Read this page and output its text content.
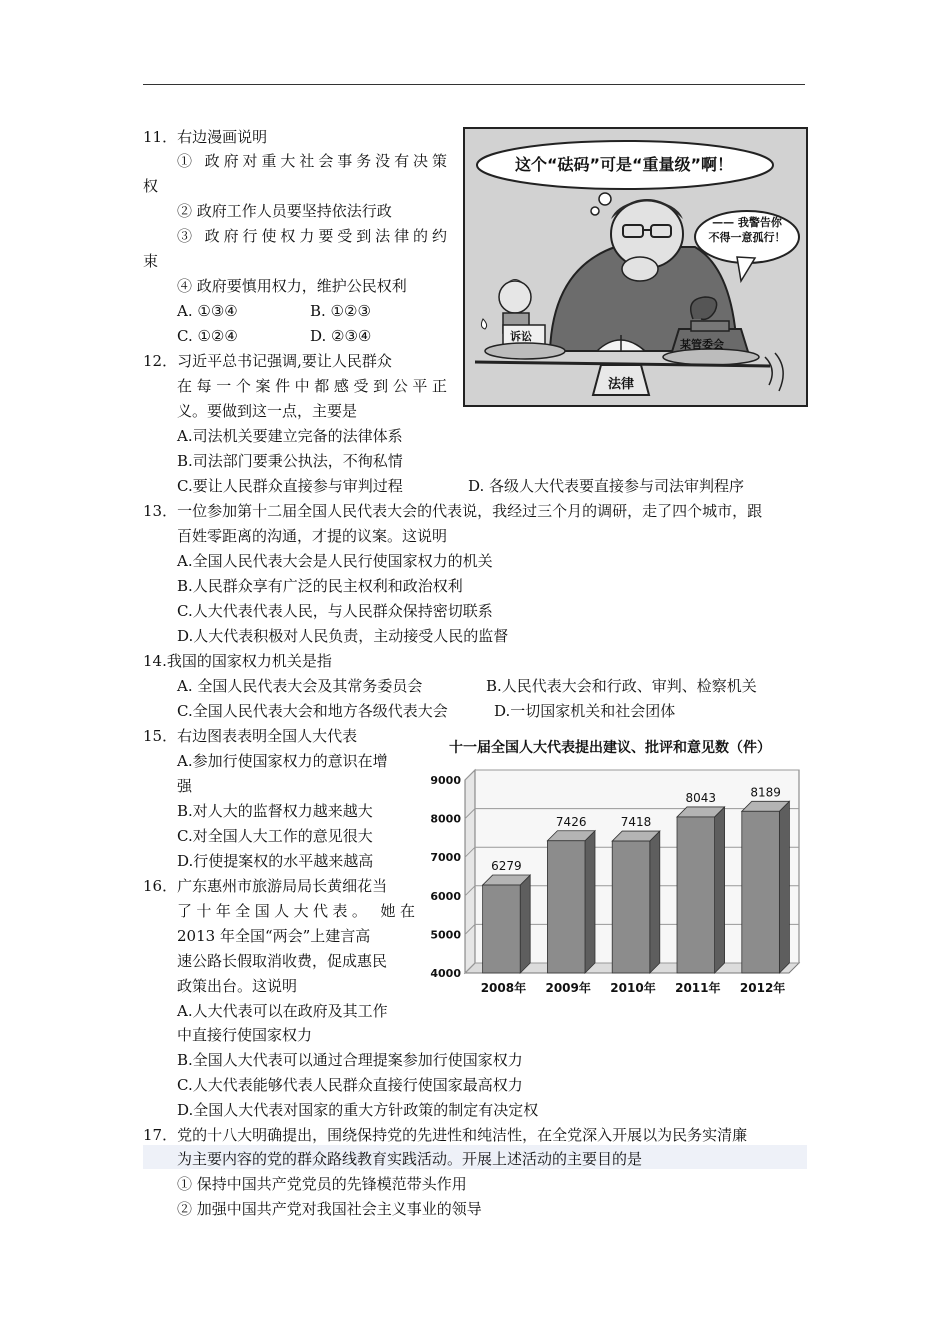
11．右边漫画说明
① 政府对重大社会事务没有决策
权
② 政府工作人员要坚持依法行政
③ 政府行使权力要受到法律的约
束
④ 政府要慎用权力，维护公民权利
A. ①③④	B. ①②③
C. ①②④	D. ②③④
这个“砝码”可是“重量级”啊！
—— 我警告你
不得一意孤行！
诉讼
某管委会
法律
12．习近平总书记强调,要让人民群众
在每一个案件中都感受到公平正
义。要做到这一点，主要是
A.司法机关要建立完备的法律体系
B.司法部门要秉公执法，不徇私情
C.要让人民群众直接参与审判过程	D. 各级人大代表要直接参与司法审判程序
13．一位参加第十二届全国人民代表大会的代表说，我经过三个月的调研，走了四个城市，跟
百姓零距离的沟通，才提的议案。这说明
A.全国人民代表大会是人民行使国家权力的机关
B.人民群众享有广泛的民主权利和政治权利
C.人大代表代表人民，与人民群众保持密切联系
D.人大代表积极对人民负责，主动接受人民的监督
14.我国的国家权力机关是指
A. 全国人民代表大会及其常务委员会	B.人民代表大会和行政、审判、检察机关
C.全国人民代表大会和地方各级代表大会	D.一切国家机关和社会团体
15．右边图表表明全国人大代表
A.参加行使国家权力的意识在增
强
B.对人大的监督权力越来越大
C.对全国人大工作的意见很大
D.行使提案权的水平越来越高
十一届全国人大代表提出建议、批评和意见数（件）
4000
5000
6000
7000
8000
9000
6279
2008年
7426
2009年
7418
2010年
8043
2011年
8189
2012年
16．广东惠州市旅游局局长黄细花当
了十年全国人大代表。 她在
2013 年全国“两会”上建言高
速公路长假取消收费，促成惠民
政策出台。这说明
A.人大代表可以在政府及其工作
中直接行使国家权力
B.全国人大代表可以通过合理提案参加行使国家权力
C.人大代表能够代表人民群众直接行使国家最高权力
D.全国人大代表对国家的重大方针政策的制定有决定权
17．党的十八大明确提出，围绕保持党的先进性和纯洁性，在全党深入开展以为民务实清廉
为主要内容的党的群众路线教育实践活动。开展上述活动的主要目的是
① 保持中国共产党党员的先锋模范带头作用
② 加强中国共产党对我国社会主义事业的领导
